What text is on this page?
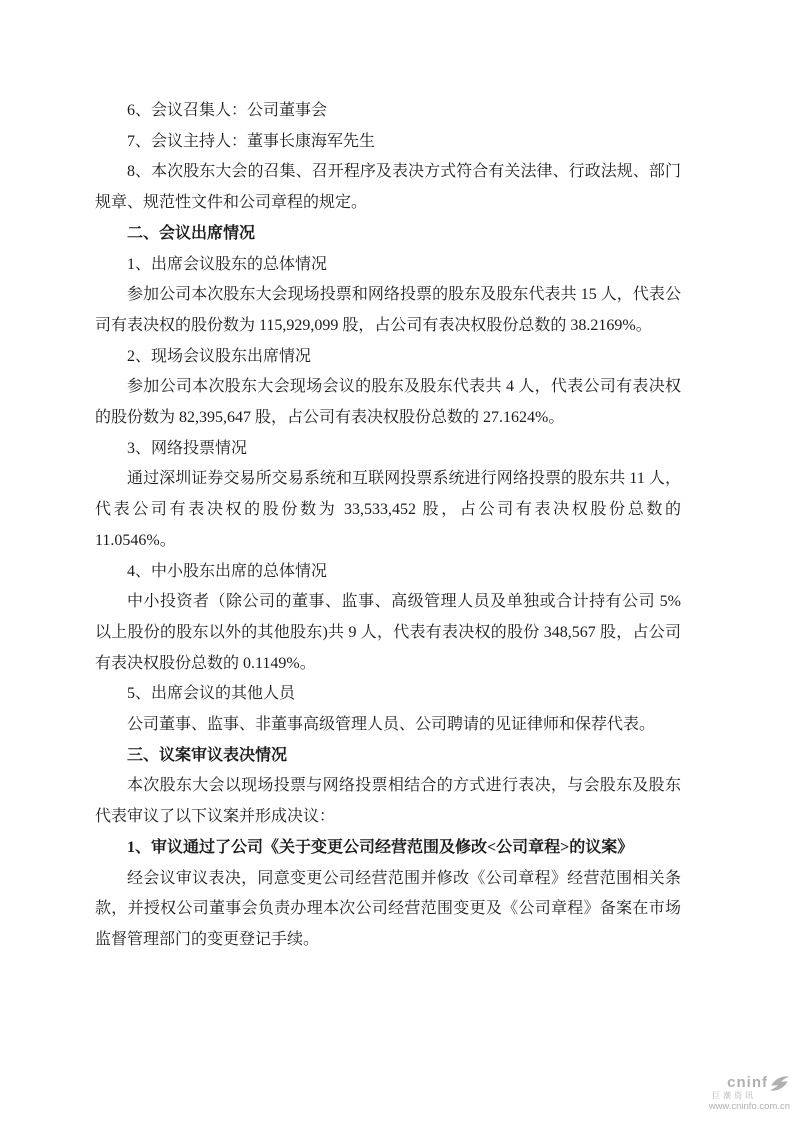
6、会议召集人：公司董事会

7、会议主持人：董事长康海军先生

8、本次股东大会的召集、召开程序及表决方式符合有关法律、行政法规、部门规章、规范性文件和公司章程的规定。

二、会议出席情况

1、出席会议股东的总体情况

参加公司本次股东大会现场投票和网络投票的股东及股东代表共 15 人，代表公司有表决权的股份数为 115,929,099 股，占公司有表决权股份总数的 38.2169%。

2、现场会议股东出席情况

参加公司本次股东大会现场会议的股东及股东代表共 4 人，代表公司有表决权的股份数为 82,395,647 股，占公司有表决权股份总数的 27.1624%。

3、网络投票情况

通过深圳证券交易所交易系统和互联网投票系统进行网络投票的股东共 11 人，代表公司有表决权的股份数为 33,533,452 股，占公司有表决权股份总数的 11.0546%。

4、中小股东出席的总体情况

中小投资者（除公司的董事、监事、高级管理人员及单独或合计持有公司 5% 以上股份的股东以外的其他股东)共 9 人，代表有表决权的股份 348,567 股，占公司有表决权股份总数的 0.1149%。

5、出席会议的其他人员

公司董事、监事、非董事高级管理人员、公司聘请的见证律师和保荐代表。

三、议案审议表决情况

本次股东大会以现场投票与网络投票相结合的方式进行表决，与会股东及股东代表审议了以下议案并形成决议：

1、审议通过了公司《关于变更公司经营范围及修改<公司章程>的议案》

经会议审议表决，同意变更公司经营范围并修改《公司章程》经营范围相关条款，并授权公司董事会负责办理本次公司经营范围变更及《公司章程》备案在市场监督管理部门的变更登记手续。

cninf
巨潮资讯
www.cninfo.com.cn
